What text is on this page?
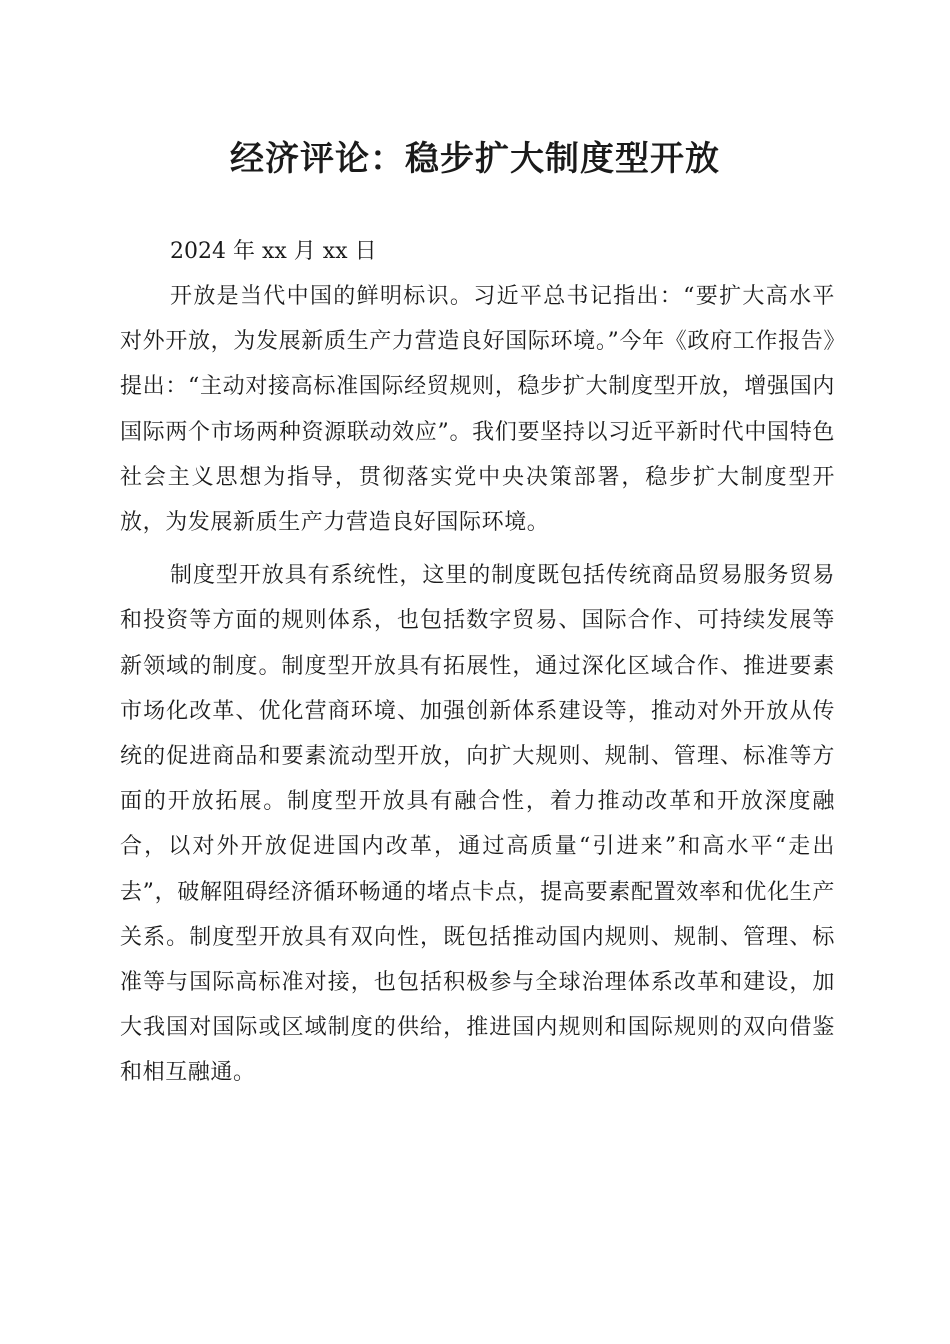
经济评论：稳步扩大制度型开放

2024 年 xx 月 xx 日

开放是当代中国的鲜明标识。习近平总书记指出：“要扩大高水平对外开放，为发展新质生产力营造良好国际环境。”今年《政府工作报告》提出：“主动对接高标准国际经贸规则，稳步扩大制度型开放，增强国内国际两个市场两种资源联动效应”。我们要坚持以习近平新时代中国特色社会主义思想为指导，贯彻落实党中央决策部署，稳步扩大制度型开放，为发展新质生产力营造良好国际环境。

制度型开放具有系统性，这里的制度既包括传统商品贸易服务贸易和投资等方面的规则体系，也包括数字贸易、国际合作、可持续发展等新领域的制度。制度型开放具有拓展性，通过深化区域合作、推进要素市场化改革、优化营商环境、加强创新体系建设等，推动对外开放从传统的促进商品和要素流动型开放，向扩大规则、规制、管理、标准等方面的开放拓展。制度型开放具有融合性，着力推动改革和开放深度融合，以对外开放促进国内改革，通过高质量“引进来”和高水平“走出去”，破解阻碍经济循环畅通的堵点卡点，提高要素配置效率和优化生产关系。制度型开放具有双向性，既包括推动国内规则、规制、管理、标准等与国际高标准对接，也包括积极参与全球治理体系改革和建设，加大我国对国际或区域制度的供给，推进国内规则和国际规则的双向借鉴和相互融通。
